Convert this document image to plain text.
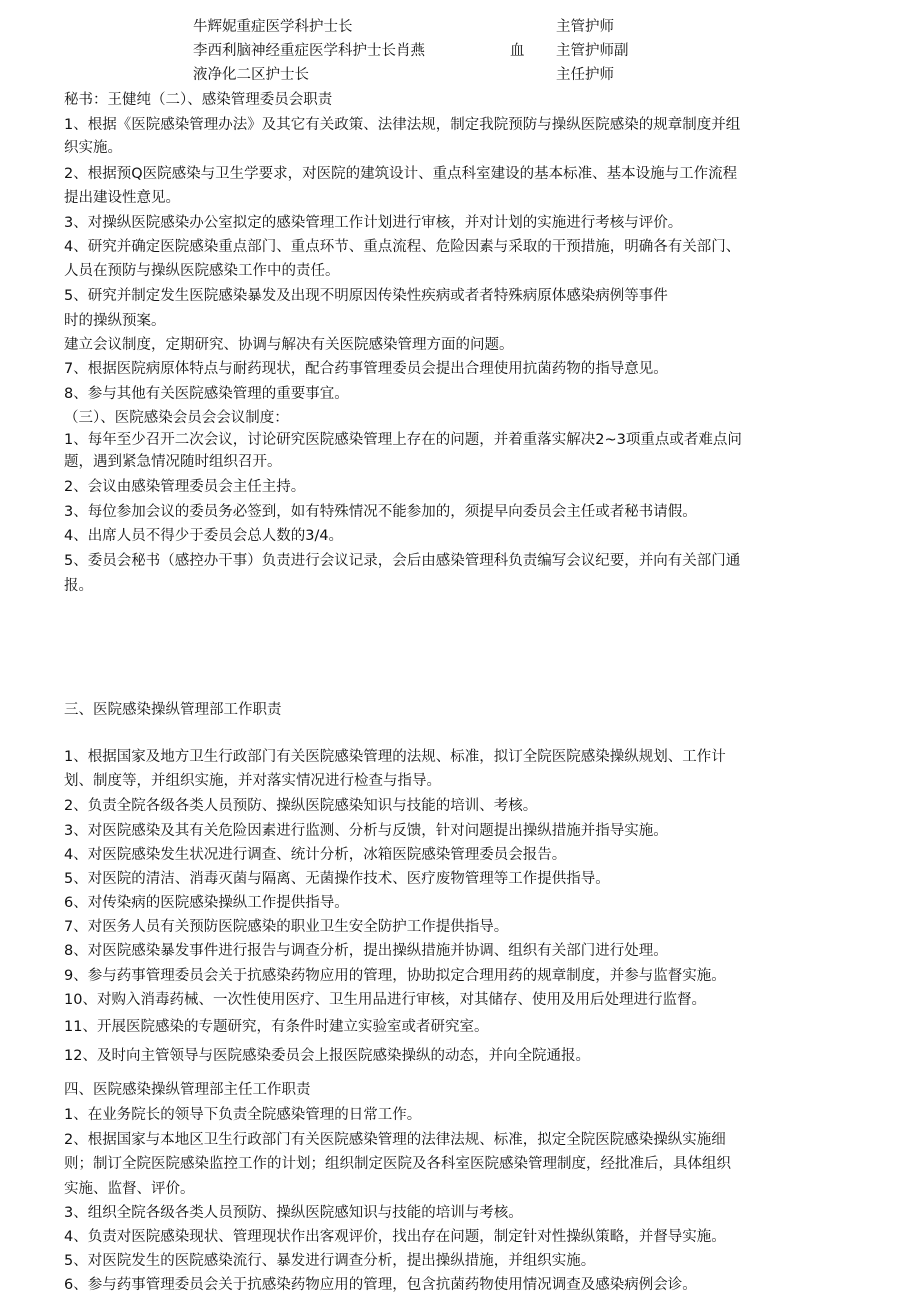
牛辉妮重症医学科护士长	主管护师
李西利脑神经重症医学科护士长肖燕	血 主管护师副
液净化二区护士长	主任护师
秘书：王健纯（二）、感染管理委员会职责
1、根据《医院感染管理办法》及其它有关政策、法律法规，制定我院预防与操纵医院感染的规章制度并组
织实施。
2、根据预Q医院感染与卫生学要求，对医院的建筑设计、重点科室建设的基本标准、基本设施与工作流程
提出建设性意见。
3、对操纵医院感染办公室拟定的感染管理工作计划进行审核，并对计划的实施进行考核与评价。
4、研究并确定医院感染重点部门、重点环节、重点流程、危险因素与采取的干预措施，明确各有关部门、
人员在预防与操纵医院感染工作中的责任。
5、研究并制定发生医院感染暴发及出现不明原因传染性疾病或者者特殊病原体感染病例等事件
时的操纵预案。
建立会议制度，定期研究、协调与解决有关医院感染管理方面的问题。
7、根据医院病原体特点与耐药现状，配合药事管理委员会提出合理使用抗菌药物的指导意见。
8、参与其他有关医院感染管理的重要事宜。
（三）、医院感染会员会会议制度：
1、每年至少召开二次会议，讨论研究医院感染管理上存在的问题，并着重落实解决2~3项重点或者难点问
题，遇到紧急情况随时组织召开。
2、会议由感染管理委员会主任主持。
3、每位参加会议的委员务必签到，如有特殊情况不能参加的，须提早向委员会主任或者秘书请假。
4、出席人员不得少于委员会总人数的3/4。
5、委员会秘书（感控办干事）负责进行会议记录，会后由感染管理科负责编写会议纪要，并向有关部门通
报。
三、医院感染操纵管理部工作职责
1、根据国家及地方卫生行政部门有关医院感染管理的法规、标准，拟订全院医院感染操纵规划、工作计
划、制度等，并组织实施，并对落实情况进行检查与指导。
2、负责全院各级各类人员预防、操纵医院感染知识与技能的培训、考核。
3、对医院感染及其有关危险因素进行监测、分析与反馈，针对问题提出操纵措施并指导实施。
4、对医院感染发生状况进行调查、统计分析，冰箱医院感染管理委员会报告。
5、对医院的清洁、消毒灭菌与隔离、无菌操作技术、医疗废物管理等工作提供指导。
6、对传染病的医院感染操纵工作提供指导。
7、对医务人员有关预防医院感染的职业卫生安全防护工作提供指导。
8、对医院感染暴发事件进行报告与调查分析，提出操纵措施并协调、组织有关部门进行处理。
9、参与药事管理委员会关于抗感染药物应用的管理，协助拟定合理用药的规章制度，并参与监督实施。
10、对购入消毒药械、一次性使用医疗、卫生用品进行审核，对其储存、使用及用后处理进行监督。
11、开展医院感染的专题研究，有条件时建立实验室或者研究室。
12、及时向主管领导与医院感染委员会上报医院感染操纵的动态，并向全院通报。
四、医院感染操纵管理部主任工作职责
1、在业务院长的领导下负责全院感染管理的日常工作。
2、根据国家与本地区卫生行政部门有关医院感染管理的法律法规、标准，拟定全院医院感染操纵实施细
则；制订全院医院感染监控工作的计划；组织制定医院及各科室医院感染管理制度，经批准后，具体组织
实施、监督、评价。
3、组织全院各级各类人员预防、操纵医院感知识与技能的培训与考核。
4、负责对医院感染现状、管理现状作出客观评价，找出存在问题，制定针对性操纵策略，并督导实施。
5、对医院发生的医院感染流行、暴发进行调查分析，提出操纵措施，并组织实施。
6、参与药事管理委员会关于抗感染药物应用的管理，包含抗菌药物使用情况调查及感染病例会诊。
